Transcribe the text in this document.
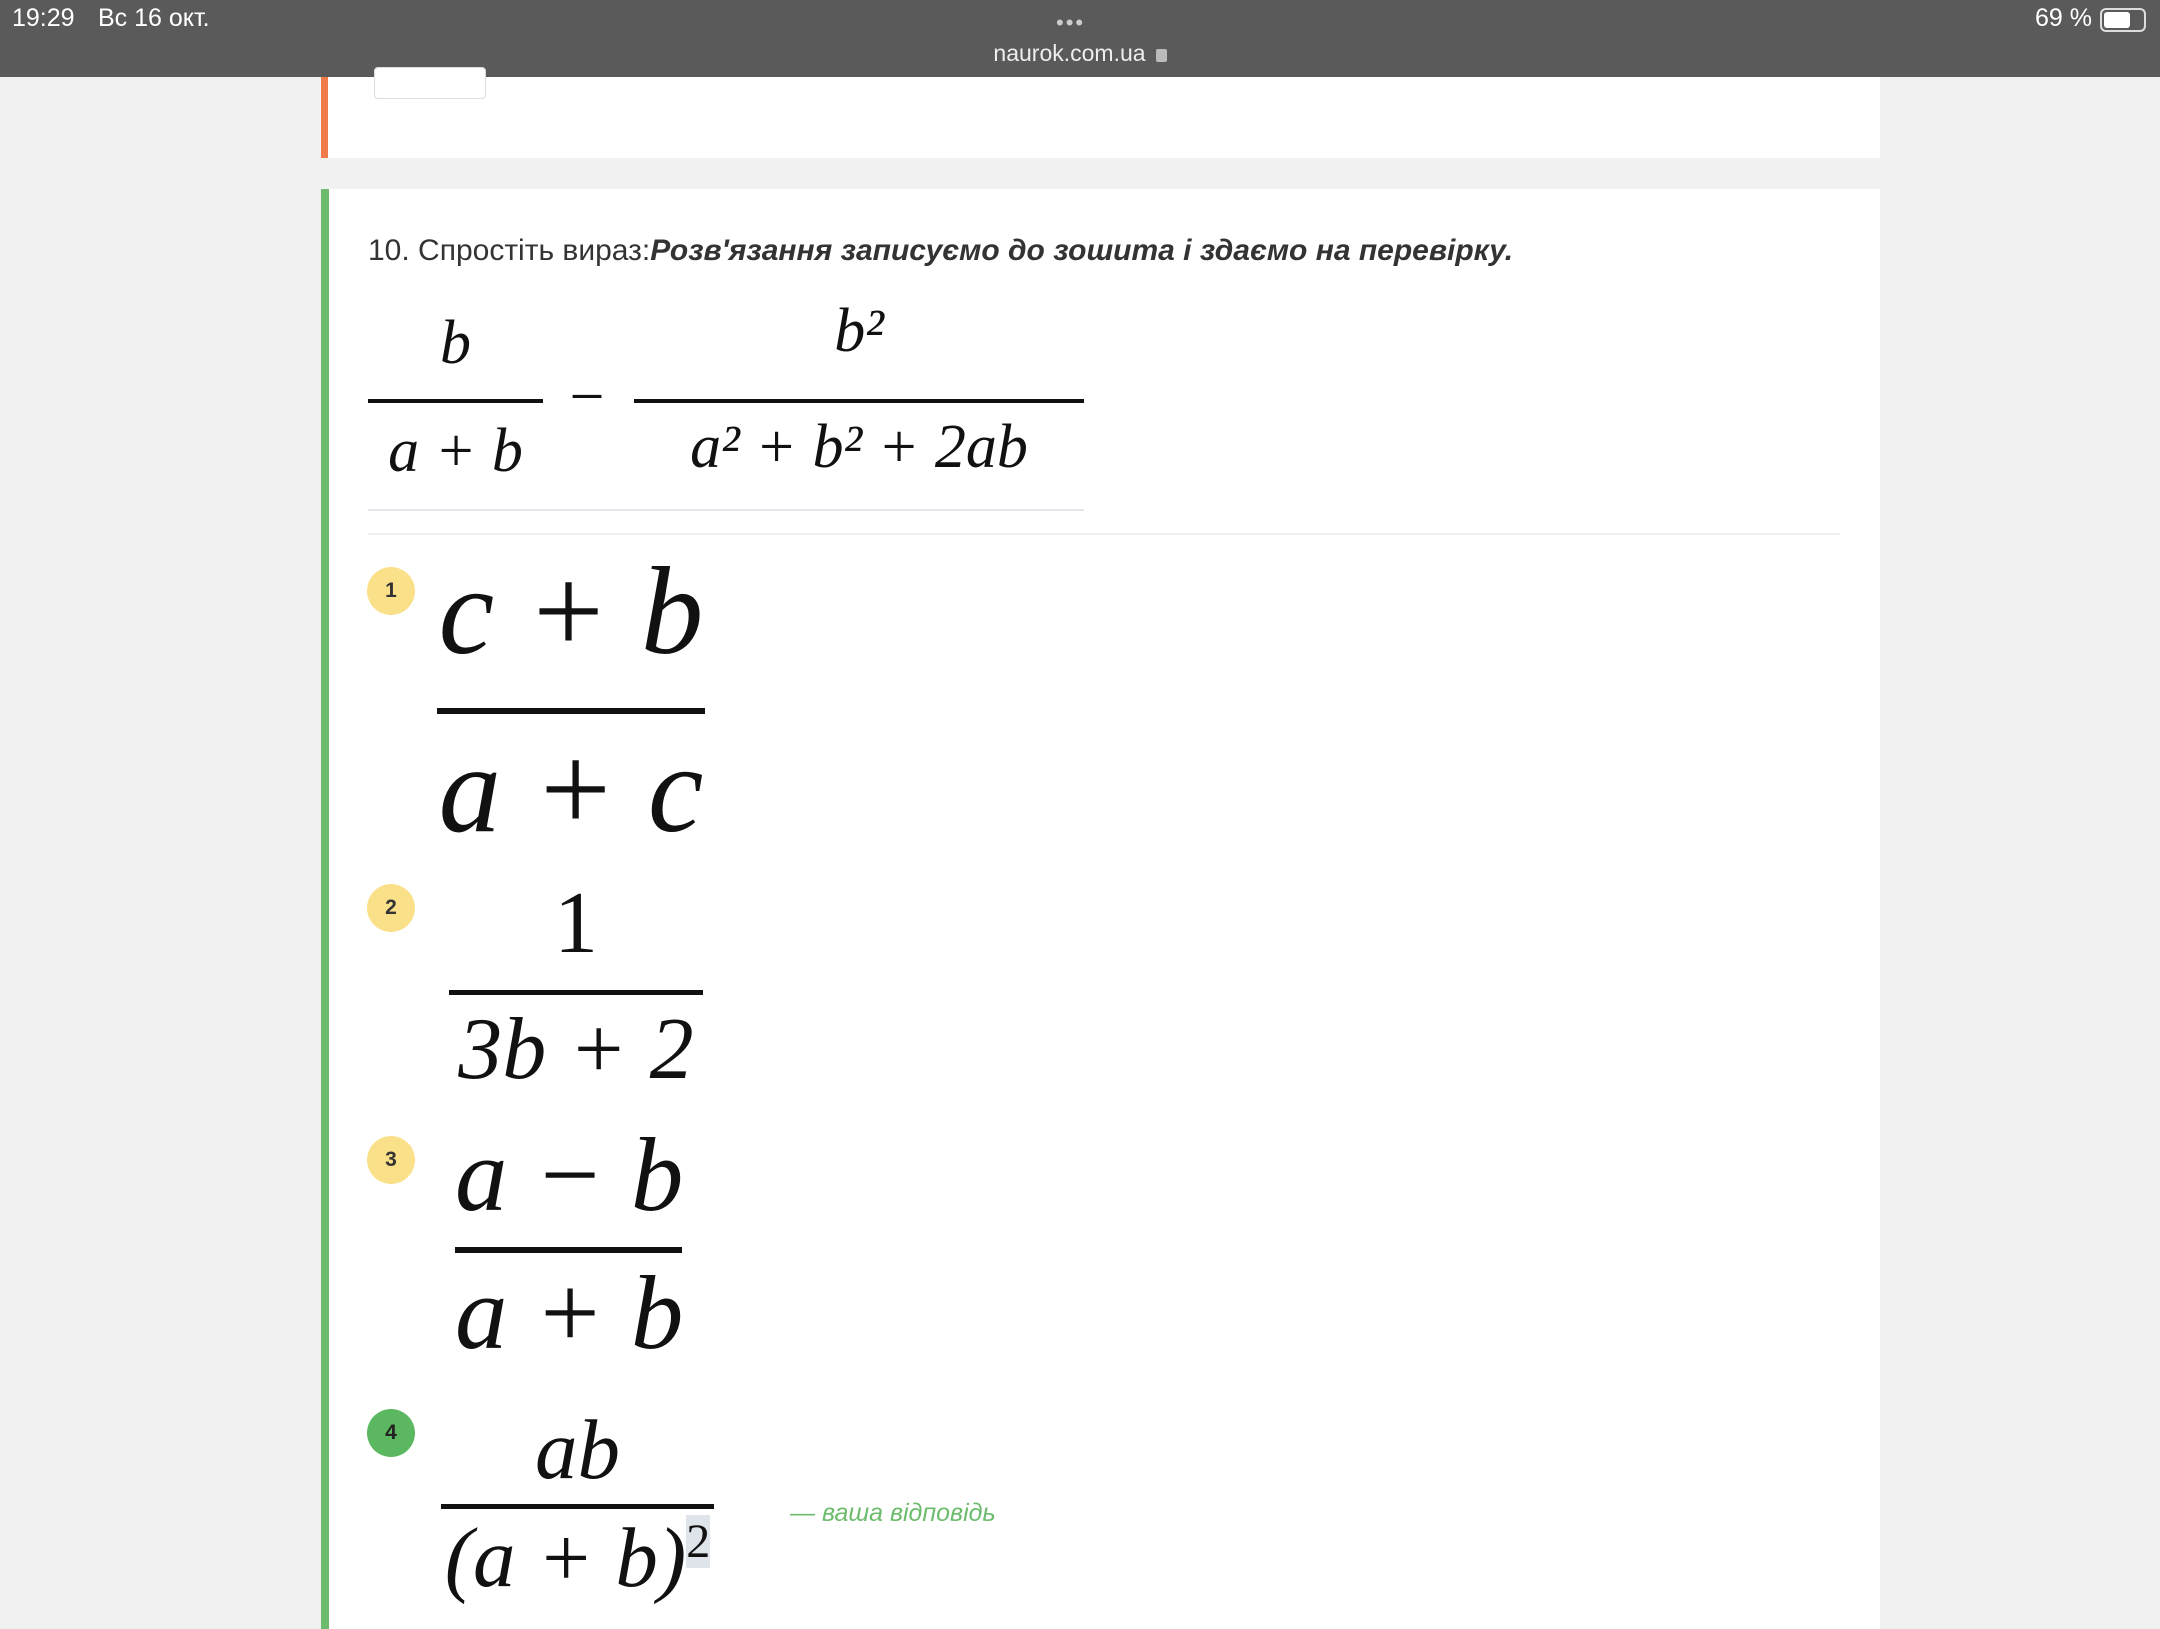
19:29 Вс 16 окт.	•••
naurok.com.ua
69 %
10. Спростіть вираз:Розв'язання записуємо до зошита і здаємо на перевірку.
b
a + b
−
b²
a² + b² + 2ab
1 c + b
a + c
2	1
3b + 2
3 a − b
a + b
4	ab
$(a + b)^2$
— ваша відповідь
